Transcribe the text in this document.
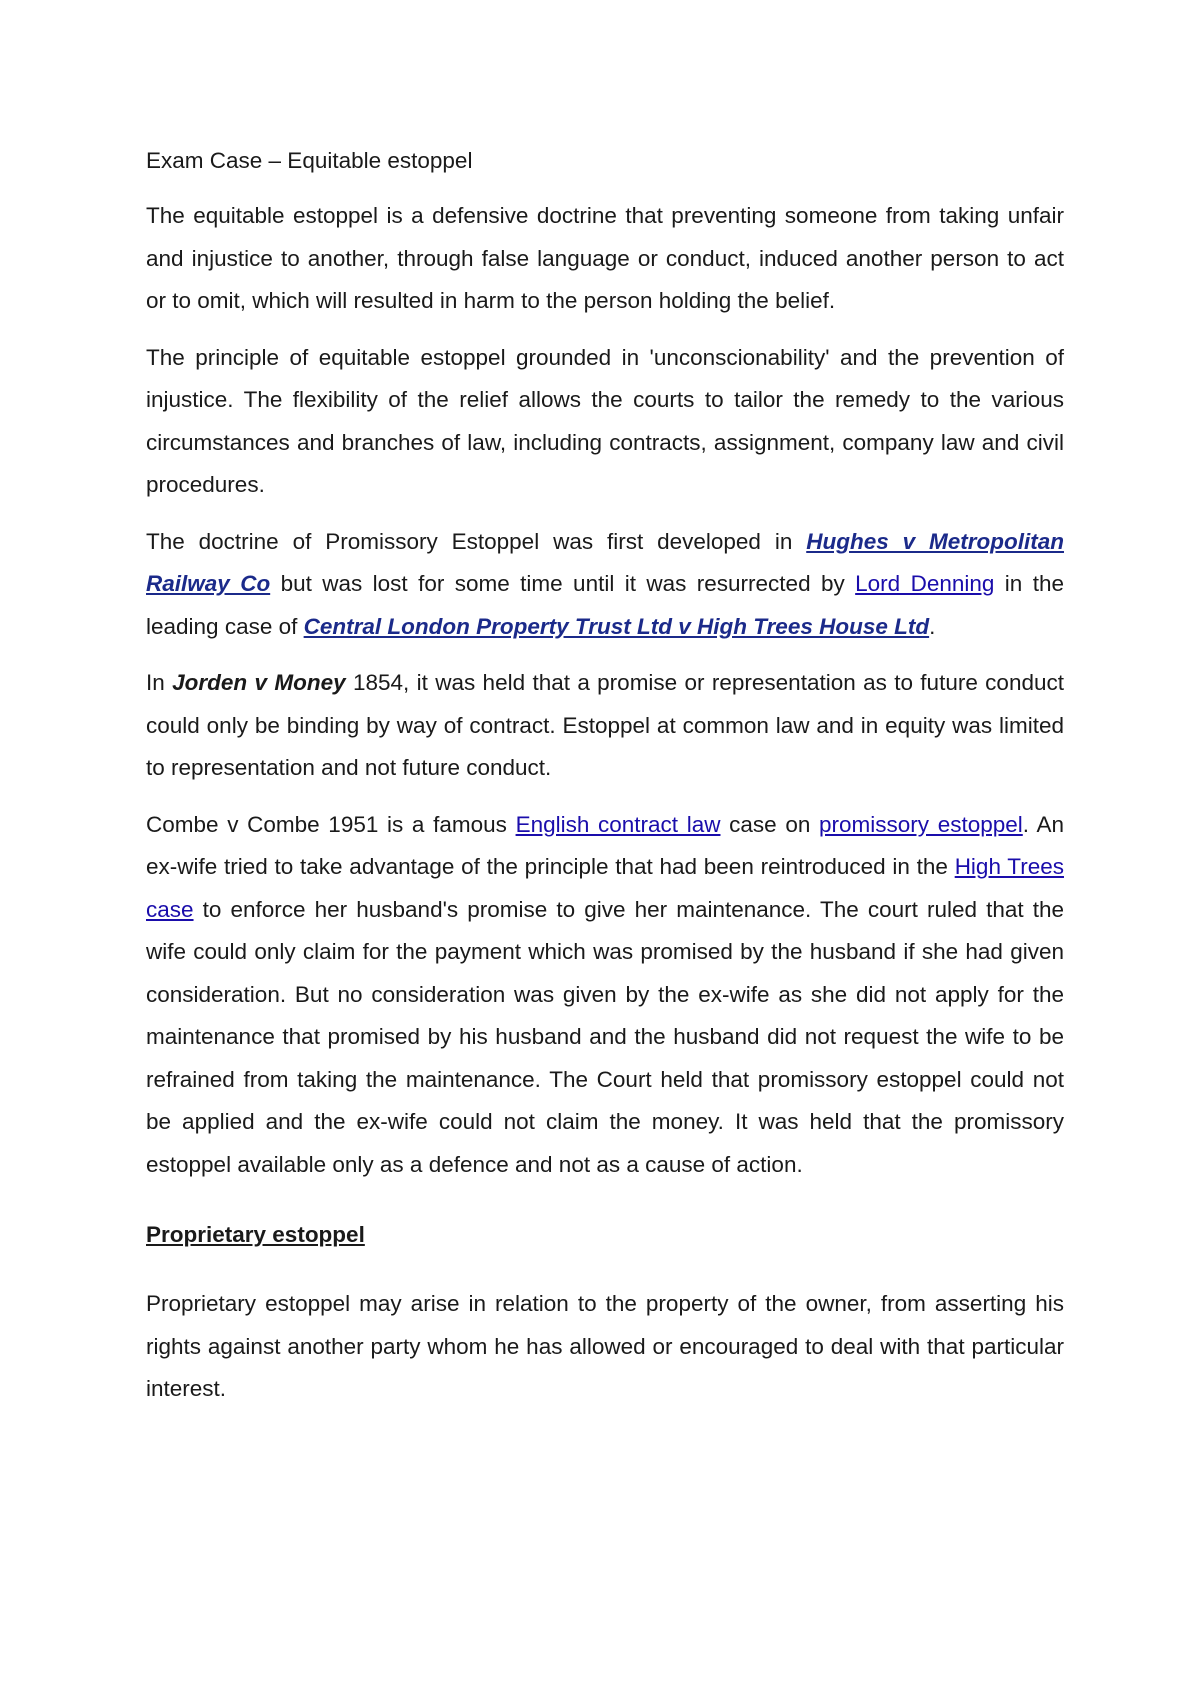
Exam Case – Equitable estoppel

The equitable estoppel is a defensive doctrine that preventing someone from taking unfair and injustice to another, through false language or conduct, induced another person to act or to omit, which will resulted in harm to the person holding the belief.

The principle of equitable estoppel grounded in 'unconscionability' and the prevention of injustice. The flexibility of the relief allows the courts to tailor the remedy to the various circumstances and branches of law, including contracts, assignment, company law and civil procedures.

The doctrine of Promissory Estoppel was first developed in Hughes v Metropolitan Railway Co but was lost for some time until it was resurrected by Lord Denning in the leading case of Central London Property Trust Ltd v High Trees House Ltd.

In Jorden v Money 1854, it was held that a promise or representation as to future conduct could only be binding by way of contract. Estoppel at common law and in equity was limited to representation and not future conduct.

Combe v Combe 1951 is a famous English contract law case on promissory estoppel. An ex-wife tried to take advantage of the principle that had been reintroduced in the High Trees case to enforce her husband's promise to give her maintenance. The court ruled that the wife could only claim for the payment which was promised by the husband if she had given consideration. But no consideration was given by the ex-wife as she did not apply for the maintenance that promised by his husband and the husband did not request the wife to be refrained from taking the maintenance. The Court held that promissory estoppel could not be applied and the ex-wife could not claim the money. It was held that the promissory estoppel available only as a defence and not as a cause of action.

Proprietary estoppel

Proprietary estoppel may arise in relation to the property of the owner, from asserting his rights against another party whom he has allowed or encouraged to deal with that particular interest.
